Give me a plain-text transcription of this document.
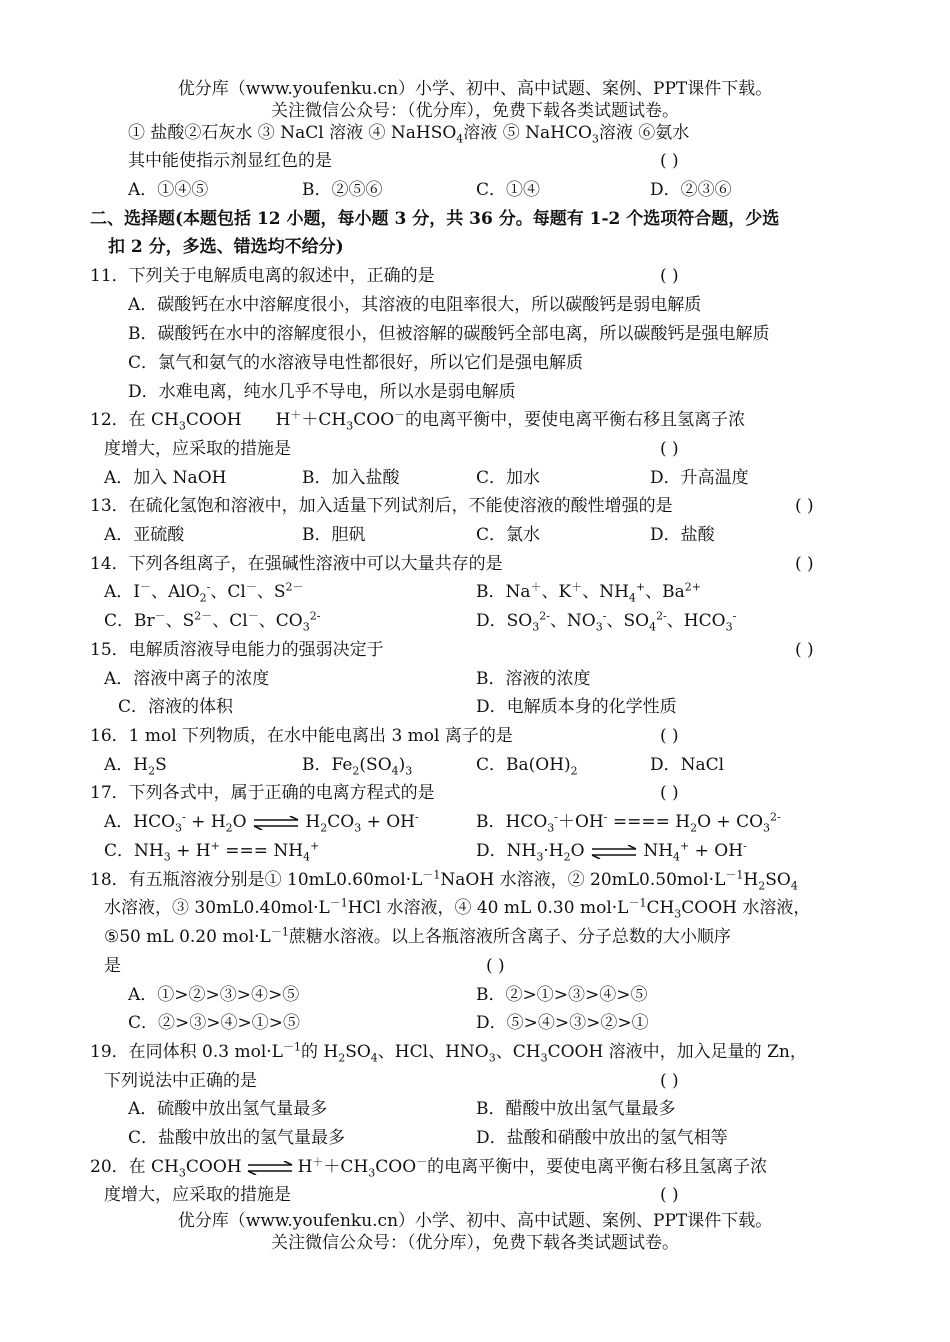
优分库（www.youfenku.cn）小学、初中、高中试题、案例、PPT课件下载。
关注微信公众号：（优分库），免费下载各类试题试卷。
① 盐酸②石灰水 ③ NaCl 溶液 ④ NaHSO$_4$溶液 ⑤ NaHCO$_3$溶液 ⑥氨水
其中能使指示剂显红色的是	( )
A．①④⑤	B．②⑤⑥	C．①④	D．②③⑥
二、选择题(本题包括 12 小题，每小题 3 分，共 36 分。每题有 1-2 个选项符合题，少选
扣 2 分，多选、错选均不给分)
11．下列关于电解质电离的叙述中，正确的是	( )
A．碳酸钙在水中溶解度很小，其溶液的电阻率很大，所以碳酸钙是弱电解质
B．碳酸钙在水中的溶解度很小，但被溶解的碳酸钙全部电离，所以碳酸钙是强电解质
C．氯气和氨气的水溶液导电性都很好，所以它们是强电解质
D．水难电离，纯水几乎不导电，所以水是弱电解质
12．在 $CH_3COOH$ $H^++CH_3COO^-$的电离平衡中，要使电离平衡右移且氢离子浓
度增大，应采取的措施是	( )
A．加入 NaOH	B．加入盐酸	C．加水	D．升高温度
13．在硫化氢饱和溶液中，加入适量下列试剂后，不能使溶液的酸性增强的是	( )
A．亚硫酸	B．胆矾	C．氯水	D．盐酸
14．下列各组离子，在强碱性溶液中可以大量共存的是	( )
A．I－、AlO$_2$-、Cl－、$S^{2-}$	B．Na＋、K＋、$NH_4^+$、$Ba^{2+}$
C．Br－、$S^{2-}$、Cl－、$CO_3^{2-}$	D．$SO_3^{2-}$、$NO_3^-$、$SO_4^{2-}$、$HCO_3^-$
15．电解质溶液导电能力的强弱决定于	( )
A．溶液中离子的浓度	B．溶液的浓度
C．溶液的体积	D．电解质本身的化学性质
16．1 mol 下列物质，在水中能电离出 3 mol 离子的是	( )
A．$H_2S$	B．$Fe_2(SO_4)_3$	C．$Ba(OH)_2$	D．NaCl
17．下列各式中，属于正确的电离方程式的是	( )
A．$HCO_3^- + H_2O$ ⇌ $H_2CO_3 + OH^-$	B．$HCO_3^-+OH^-$ ==== $H_2O + CO_3^{2-}$
C．$NH_3 + H^+$ === $NH_4^+$	D．$NH_3\cdot H_2O$ ⇌ $NH_4^+ + OH^-$
18．有五瓶溶液分别是① $10mL0.60mol\cdot L^{-1}NaOH$ 水溶液，② $20mL0.50mol\cdot L^{-1}H_2SO_4$
水溶液，③ $30mL0.40mol\cdot L^{-1}HCl$ 水溶液，④ 40 mL 0.30 $mol\cdot L^{-1}CH_3COOH$ 水溶液，
⑤50 mL 0.20 $mol\cdot L^{-1}$蔗糖水溶液。以上各瓶溶液所含离子、分子总数的大小顺序
是	( )
A．①>②>③>④>⑤	B．②>①>③>④>⑤
C．②>③>④>①>⑤	D．⑤>④>③>②>①
19．在同体积 0.3 $mol\cdot L^{-1}$的 $H_2SO_4$、HCl、$HNO_3$、$CH_3COOH$ 溶液中，加入足量的 Zn，
下列说法中正确的是	( )
A．硫酸中放出氢气量最多	B．醋酸中放出氢气量最多
C．盐酸中放出的氢气量最多	D．盐酸和硝酸中放出的氢气相等
20．在 $CH_3COOH$ ⇌ $H^++CH_3COO^-$的电离平衡中，要使电离平衡右移且氢离子浓
度增大，应采取的措施是	( )
优分库（www.youfenku.cn）小学、初中、高中试题、案例、PPT课件下载。
关注微信公众号：（优分库），免费下载各类试题试卷。
